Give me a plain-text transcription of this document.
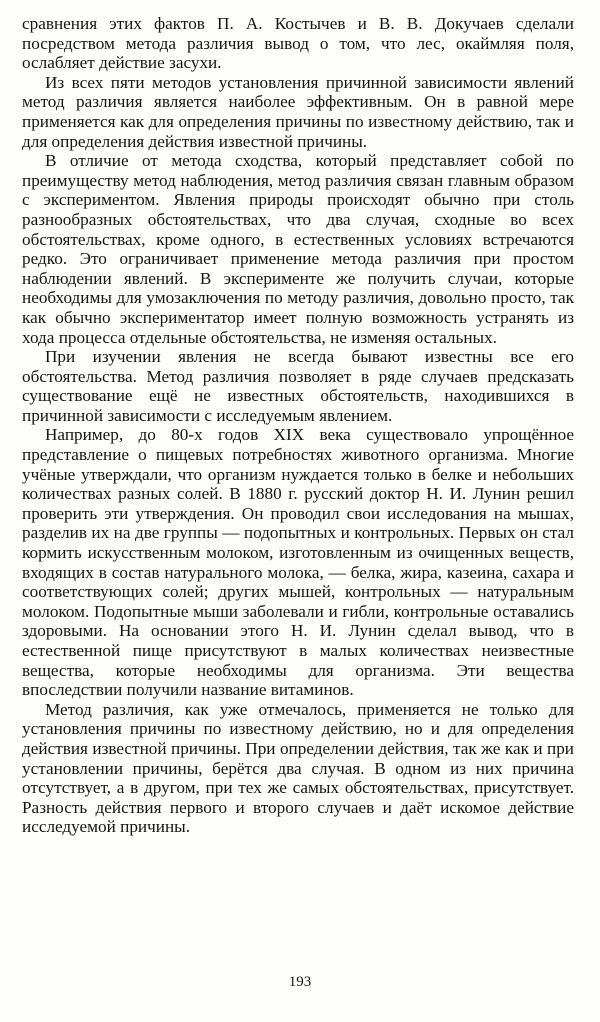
сравнения этих фактов П. А. Костычев и В. В. Докучаев сделали посредством метода различия вывод о том, что лес, окаймляя поля, ослабляет действие засухи.

Из всех пяти методов установления причинной зависимости явлений метод различия является наиболее эффективным. Он в равной мере применяется как для определения причины по известному действию, так и для определения действия известной причины.

В отличие от метода сходства, который представляет собой по преимуществу метод наблюдения, метод различия связан главным образом с экспериментом. Явления природы происходят обычно при столь разнообразных обстоятельствах, что два случая, сходные во всех обстоятельствах, кроме одного, в естественных условиях встречаются редко. Это ограничивает применение метода различия при простом наблюдении явлений. В эксперименте же получить случаи, которые необходимы для умозаключения по методу различия, довольно просто, так как обычно экспериментатор имеет полную возможность устранять из хода процесса отдельные обстоятельства, не изменяя остальных.

При изучении явления не всегда бывают известны все его обстоятельства. Метод различия позволяет в ряде случаев предсказать существование ещё не известных обстоятельств, находившихся в причинной зависимости с исследуемым явлением.

Например, до 80-х годов XIX века существовало упрощённое представление о пищевых потребностях животного организма. Многие учёные утверждали, что организм нуждается только в белке и небольших количествах разных солей. В 1880 г. русский доктор Н. И. Лунин решил проверить эти утверждения. Он проводил свои исследования на мышах, разделив их на две группы — подопытных и контрольных. Первых он стал кормить искусственным молоком, изготовленным из очищенных веществ, входящих в состав натурального молока, — белка, жира, казеина, сахара и соответствующих солей; других мышей, контрольных — натуральным молоком. Подопытные мыши заболевали и гибли, контрольные оставались здоровыми. На основании этого Н. И. Лунин сделал вывод, что в естественной пище присутствуют в малых количествах неизвестные вещества, которые необходимы для организма. Эти вещества впоследствии получили название витаминов.

Метод различия, как уже отмечалось, применяется не только для установления причины по известному действию, но и для определения действия известной причины. При определении действия, так же как и при установлении причины, берётся два случая. В одном из них причина отсутствует, а в другом, при тех же самых обстоятельствах, присутствует. Разность действия первого и второго случаев и даёт искомое действие исследуемой причины.

193
